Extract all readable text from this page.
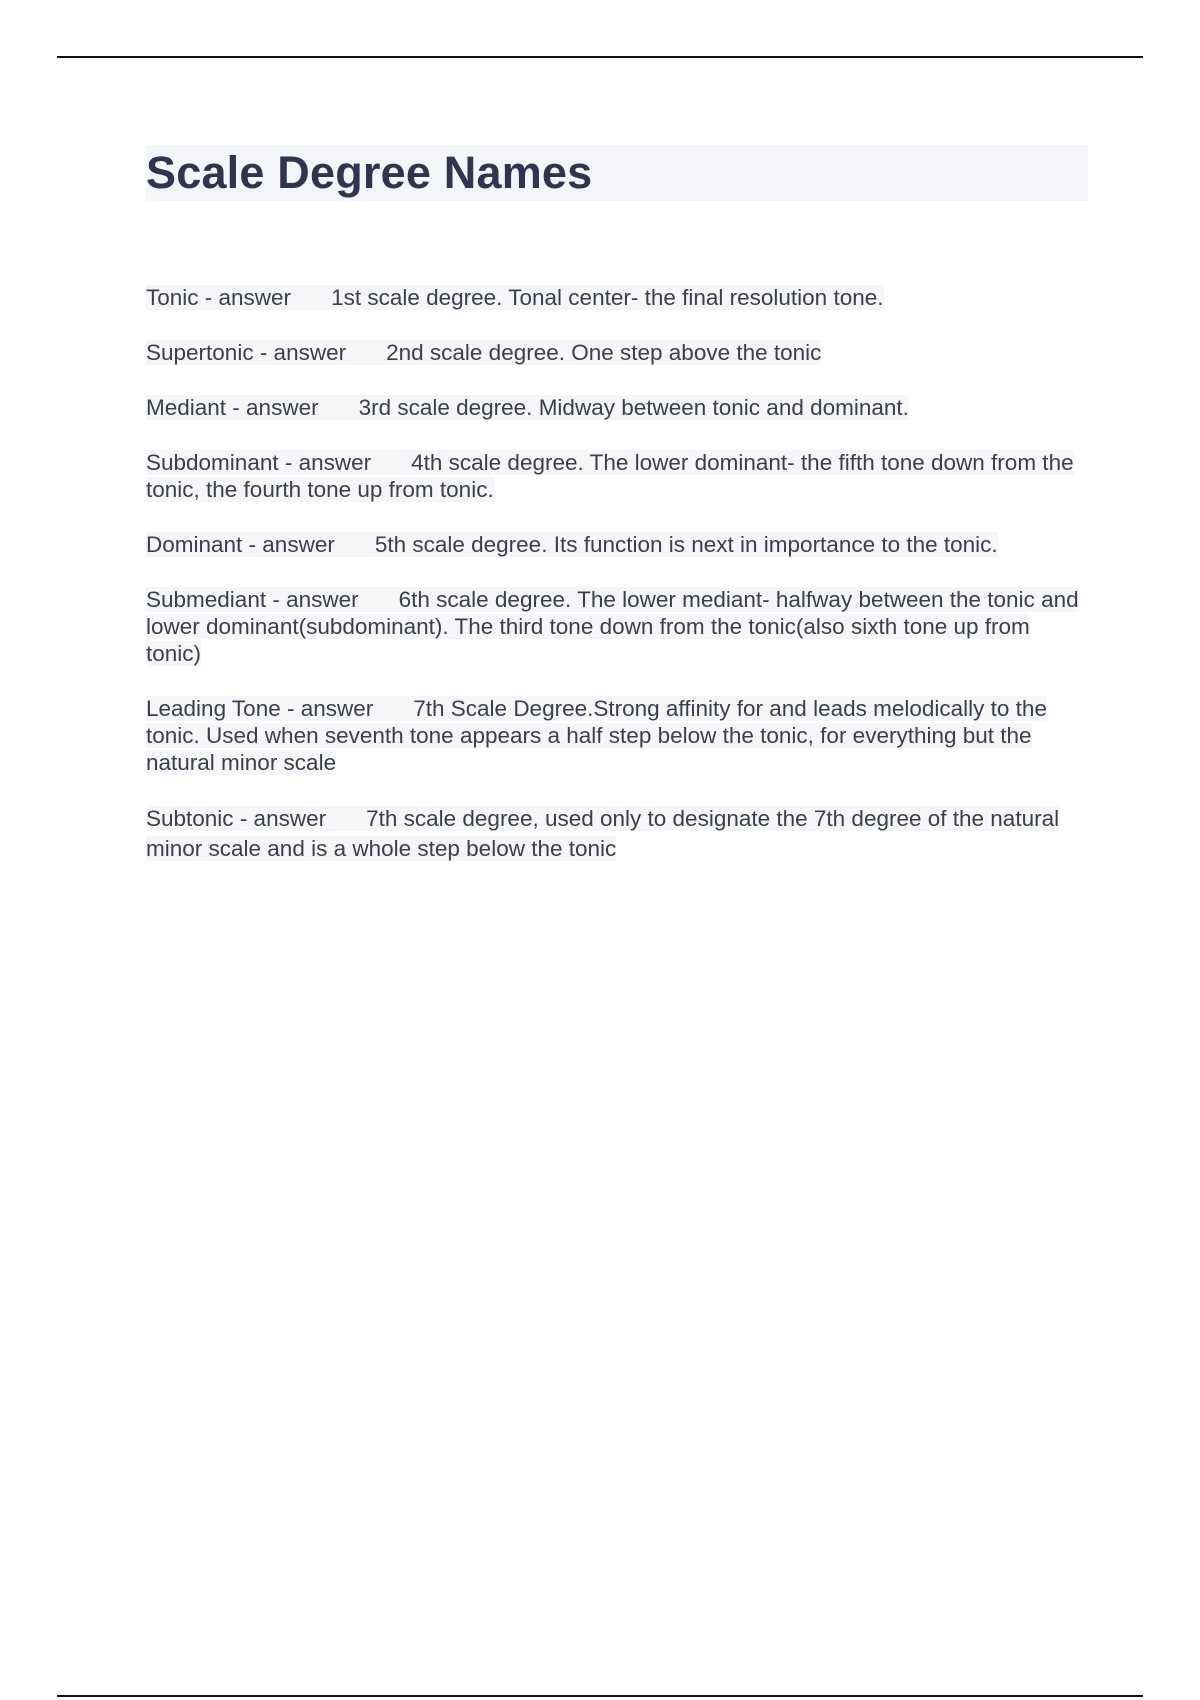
Scale Degree Names

Tonic - answer 1st scale degree. Tonal center- the final resolution tone.

Supertonic - answer 2nd scale degree. One step above the tonic

Mediant - answer 3rd scale degree. Midway between tonic and dominant.

Subdominant - answer 4th scale degree. The lower dominant- the fifth tone down from the tonic, the fourth tone up from tonic.

Dominant - answer 5th scale degree. Its function is next in importance to the tonic.

Submediant - answer 6th scale degree. The lower mediant- halfway between the tonic and lower dominant(subdominant). The third tone down from the tonic(also sixth tone up from tonic)

Leading Tone - answer 7th Scale Degree.Strong affinity for and leads melodically to the tonic. Used when seventh tone appears a half step below the tonic, for everything but the natural minor scale

Subtonic - answer 7th scale degree, used only to designate the 7th degree of the natural minor scale and is a whole step below the tonic
